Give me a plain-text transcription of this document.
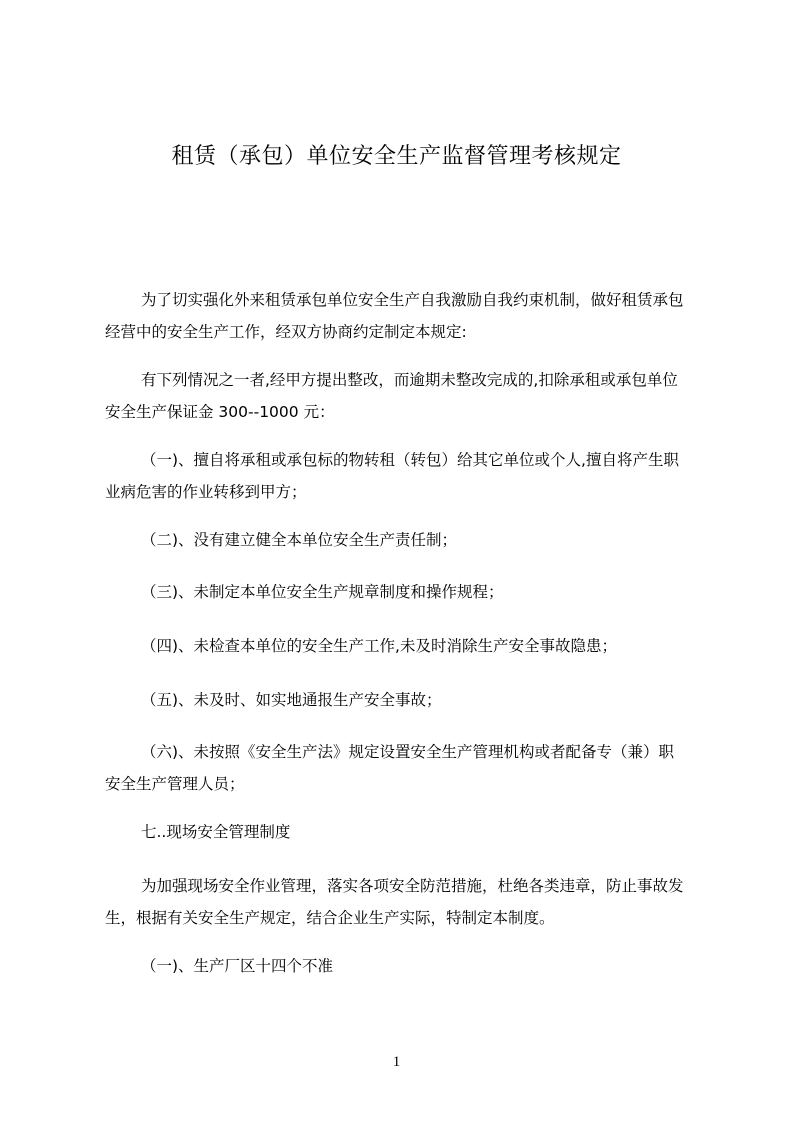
租赁（承包）单位安全生产监督管理考核规定
为了切实强化外来租赁承包单位安全生产自我激励自我约束机制，做好租赁承包
经营中的安全生产工作，经双方协商约定制定本规定:
有下列情况之一者,经甲方提出整改，而逾期未整改完成的,扣除承租或承包单位
安全生产保证金 300--1000 元：
（一)、擅自将承租或承包标的物转租（转包）给其它单位或个人,擅自将产生职
业病危害的作业转移到甲方；
（二)、没有建立健全本单位安全生产责任制；
（三)、未制定本单位安全生产规章制度和操作规程；
（四)、未检查本单位的安全生产工作,未及时消除生产安全事故隐患；
（五)、未及时、如实地通报生产安全事故；
（六)、未按照《安全生产法》规定设置安全生产管理机构或者配备专（兼）职
安全生产管理人员；
七..现场安全管理制度
为加强现场安全作业管理，落实各项安全防范措施，杜绝各类违章，防止事故发
生，根据有关安全生产规定，结合企业生产实际，特制定本制度。
（一)、生产厂区十四个不准
1
